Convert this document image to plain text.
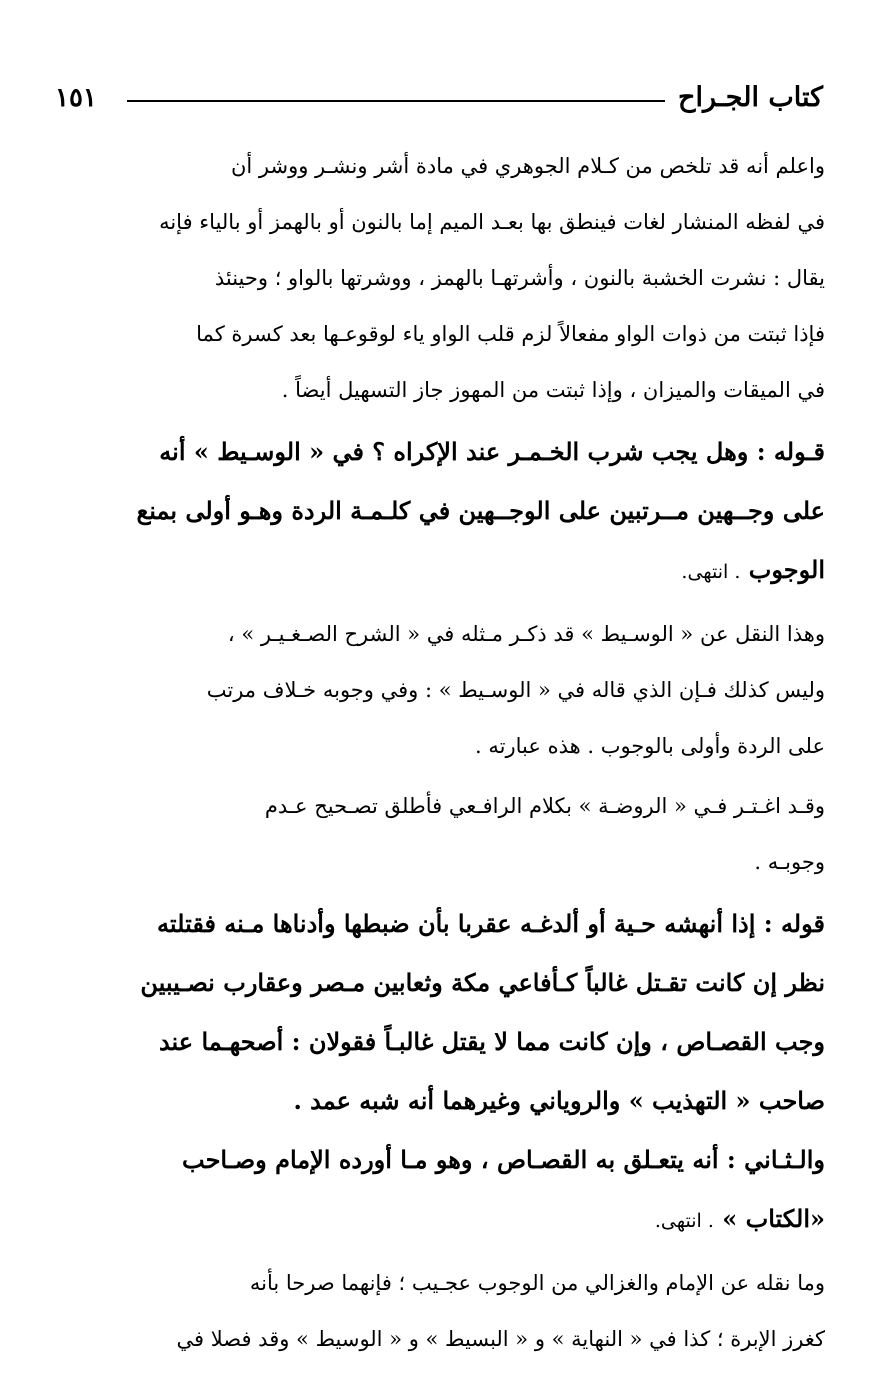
كتاب الجـراح
١٥١

واعلم أنه قد تلخص من كـلام الجوهري في مادة أشر ونشـر ووشر أن
في لفظه المنشار لغات فينطق بها بعـد الميم إما بالنون أو بالهمز أو بالياء فإنه
يقال : نشرت الخشبة بالنون ، وأشرتهـا بالهمز ، ووشرتها بالواو ؛ وحينئذ
فإذا ثبتت من ذوات الواو مفعالاً لزم قلب الواو ياء لوقوعـها بعد كسرة كما
في الميقات والميزان ، وإذا ثبتت من المهوز جاز التسهيل أيضاً .

قـوله : وهل يجب شرب الخـمـر عند الإكراه ؟ في « الوسـيط » أنه
على وجــهين مــرتبين على الوجــهين في كلـمـة الردة وهـو أولى بمنع
الوجوب . انتهى.

وهذا النقل عن « الوسـيط » قد ذكـر مـثله في « الشرح الصـغـيـر » ،
وليس كذلك فـإن الذي قاله في « الوسـيط » : وفي وجوبه خـلاف مرتب
على الردة وأولى بالوجوب . هذه عبارته .

وقـد اغـتـر فـي « الروضـة » بكلام الرافـعي فأطلق تصـحيح عـدم
وجوبـه .

قوله : إذا أنهشه حـية أو ألدغـه عقربا بأن ضبطها وأدناها مـنه فقتلته
نظر إن كانت تقـتل غالباً كـأفاعي مكة وثعابين مـصر وعقارب نصـيبين
وجب القصـاص ، وإن كانت مما لا يقتل غالبـاً فقولان : أصحهـما عند
صاحب « التهذيب » والروياني وغيرهما أنه شبه عمد .

والـثـاني : أنه يتعـلق به القصـاص ، وهو مـا أورده الإمام وصـاحب
«الكتاب » . انتهى.

وما نقله عن الإمام والغزالي من الوجوب عجـيب ؛ فإنهما صرحا بأنه
كغرز الإبرة ؛ كذا في « النهاية » و « البسيط » و « الوسيط » وقد فصلا في
